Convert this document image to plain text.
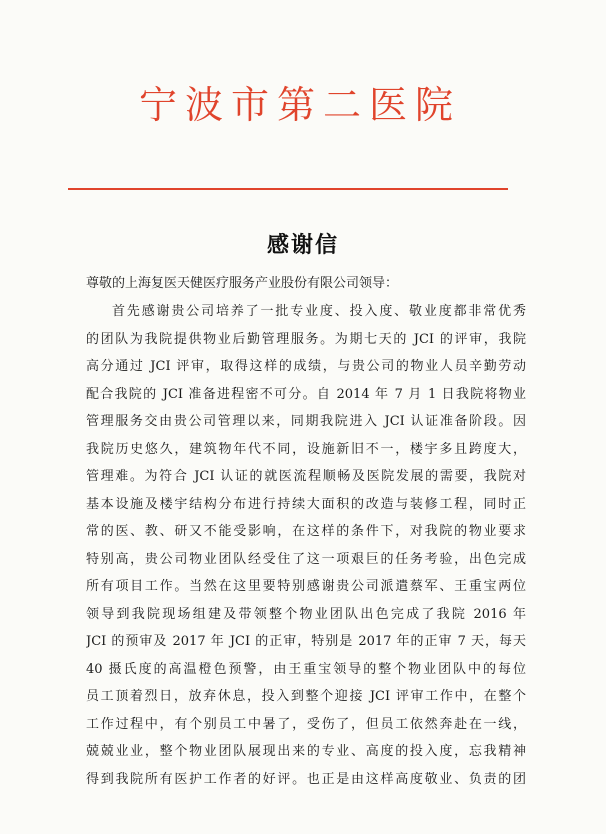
宁波市第二医院
感谢信
尊敬的上海复医天健医疗服务产业股份有限公司领导：
首先感谢贵公司培养了一批专业度、投入度、敬业度都非常优秀
的团队为我院提供物业后勤管理服务。为期七天的 JCI 的评审，我院
高分通过 JCI 评审，取得这样的成绩，与贵公司的物业人员辛勤劳动
配合我院的 JCI 准备进程密不可分。自 2014 年 7 月 1 日我院将物业
管理服务交由贵公司管理以来，同期我院进入 JCI 认证准备阶段。因
我院历史悠久，建筑物年代不同，设施新旧不一，楼宇多且跨度大，
管理难。为符合 JCI 认证的就医流程顺畅及医院发展的需要，我院对
基本设施及楼宇结构分布进行持续大面积的改造与装修工程，同时正
常的医、教、研又不能受影响，在这样的条件下，对我院的物业要求
特别高，贵公司物业团队经受住了这一项艰巨的任务考验，出色完成
所有项目工作。当然在这里要特别感谢贵公司派遣蔡军、王重宝两位
领导到我院现场组建及带领整个物业团队出色完成了我院 2016 年
JCI 的预审及 2017 年 JCI 的正审，特别是 2017 年的正审 7 天，每天
40 摄氏度的高温橙色预警，由王重宝领导的整个物业团队中的每位
员工顶着烈日，放弃休息，投入到整个迎接 JCI 评审工作中，在整个
工作过程中，有个别员工中暑了，受伤了，但员工依然奔赴在一线，
兢兢业业，整个物业团队展现出来的专业、高度的投入度，忘我精神
得到我院所有医护工作者的好评。也正是由这样高度敬业、负责的团
